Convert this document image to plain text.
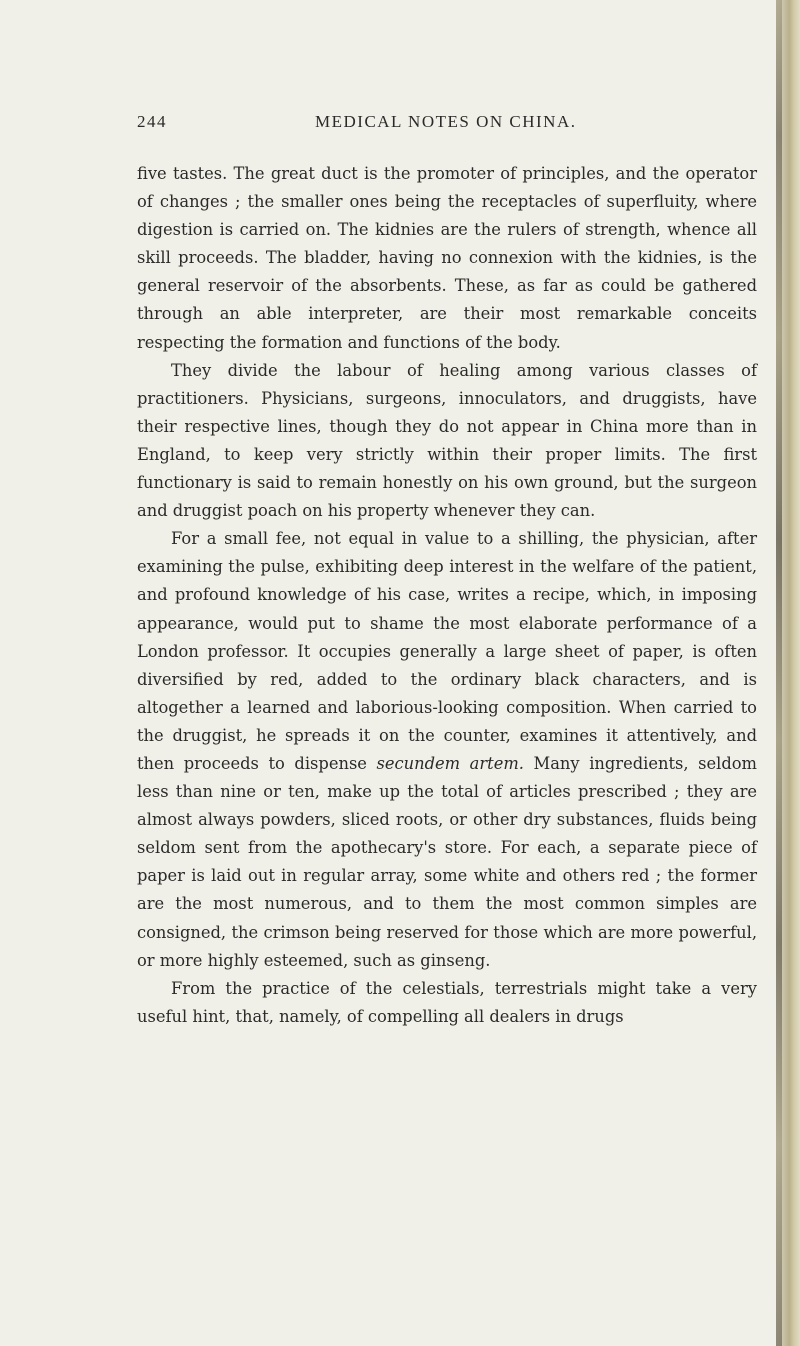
244	MEDICAL NOTES ON CHINA.

five tastes. The great duct is the promoter of principles, and the operator of changes ; the smaller ones being the receptacles of superfluity, where digestion is carried on. The kidnies are the rulers of strength, whence all skill proceeds. The bladder, having no connexion with the kidnies, is the general reservoir of the absorbents. These, as far as could be gathered through an able interpreter, are their most remarkable conceits respecting the formation and functions of the body.

They divide the labour of healing among various classes of practitioners. Physicians, surgeons, innoculators, and druggists, have their respective lines, though they do not appear in China more than in England, to keep very strictly within their proper limits. The first functionary is said to remain honestly on his own ground, but the surgeon and druggist poach on his property whenever they can.

For a small fee, not equal in value to a shilling, the physician, after examining the pulse, exhibiting deep interest in the welfare of the patient, and profound knowledge of his case, writes a recipe, which, in imposing appearance, would put to shame the most elaborate performance of a London professor. It occupies generally a large sheet of paper, is often diversified by red, added to the ordinary black characters, and is altogether a learned and laborious-looking composition. When carried to the druggist, he spreads it on the counter, examines it attentively, and then proceeds to dispense secundem artem. Many ingredients, seldom less than nine or ten, make up the total of articles prescribed ; they are almost always powders, sliced roots, or other dry substances, fluids being seldom sent from the apothecary's store. For each, a separate piece of paper is laid out in regular array, some white and others red ; the former are the most numerous, and to them the most common simples are consigned, the crimson being reserved for those which are more powerful, or more highly esteemed, such as ginseng.

From the practice of the celestials, terrestrials might take a very useful hint, that, namely, of compelling all dealers in drugs
